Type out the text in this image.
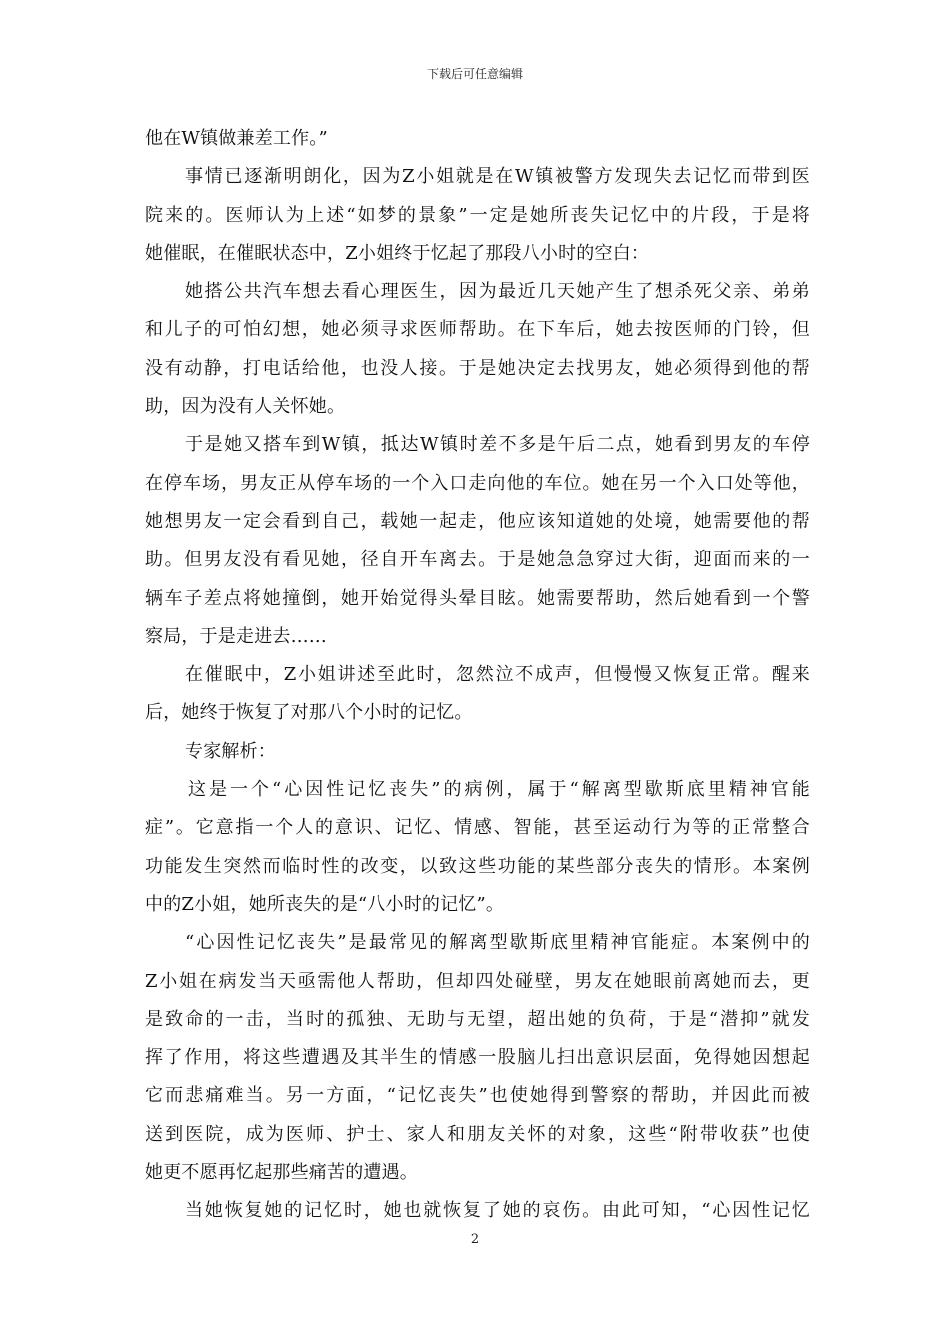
下载后可任意编辑
他在W镇做兼差工作。”
事情已逐渐明朗化，因为Z小姐就是在W镇被警方发现失去记忆而带到医
院来的。医师认为上述“如梦的景象”一定是她所丧失记忆中的片段，于是将
她催眠，在催眠状态中，Z小姐终于忆起了那段八小时的空白：
她搭公共汽车想去看心理医生，因为最近几天她产生了想杀死父亲、弟弟
和儿子的可怕幻想，她必须寻求医师帮助。在下车后，她去按医师的门铃，但
没有动静，打电话给他，也没人接。于是她决定去找男友，她必须得到他的帮
助，因为没有人关怀她。
于是她又搭车到W镇，抵达W镇时差不多是午后二点，她看到男友的车停
在停车场，男友正从停车场的一个入口走向他的车位。她在另一个入口处等他，
她想男友一定会看到自己，载她一起走，他应该知道她的处境，她需要他的帮
助。但男友没有看见她，径自开车离去。于是她急急穿过大街，迎面而来的一
辆车子差点将她撞倒，她开始觉得头晕目眩。她需要帮助，然后她看到一个警
察局，于是走进去……
在催眠中，Z小姐讲述至此时，忽然泣不成声，但慢慢又恢复正常。醒来
后，她终于恢复了对那八个小时的记忆。
专家解析：
这是一个“心因性记忆丧失”的病例，属于“解离型歇斯底里精神官能
症”。它意指一个人的意识、记忆、情感、智能，甚至运动行为等的正常整合
功能发生突然而临时性的改变，以致这些功能的某些部分丧失的情形。本案例
中的Z小姐，她所丧失的是“八小时的记忆”。
“心因性记忆丧失”是最常见的解离型歇斯底里精神官能症。本案例中的
Z小姐在病发当天亟需他人帮助，但却四处碰壁，男友在她眼前离她而去，更
是致命的一击，当时的孤独、无助与无望，超出她的负荷，于是“潜抑”就发
挥了作用，将这些遭遇及其半生的情感一股脑儿扫出意识层面，免得她因想起
它而悲痛难当。另一方面，“记忆丧失”也使她得到警察的帮助，并因此而被
送到医院，成为医师、护士、家人和朋友关怀的对象，这些“附带收获”也使
她更不愿再忆起那些痛苦的遭遇。
当她恢复她的记忆时，她也就恢复了她的哀伤。由此可知，“心因性记忆
2
